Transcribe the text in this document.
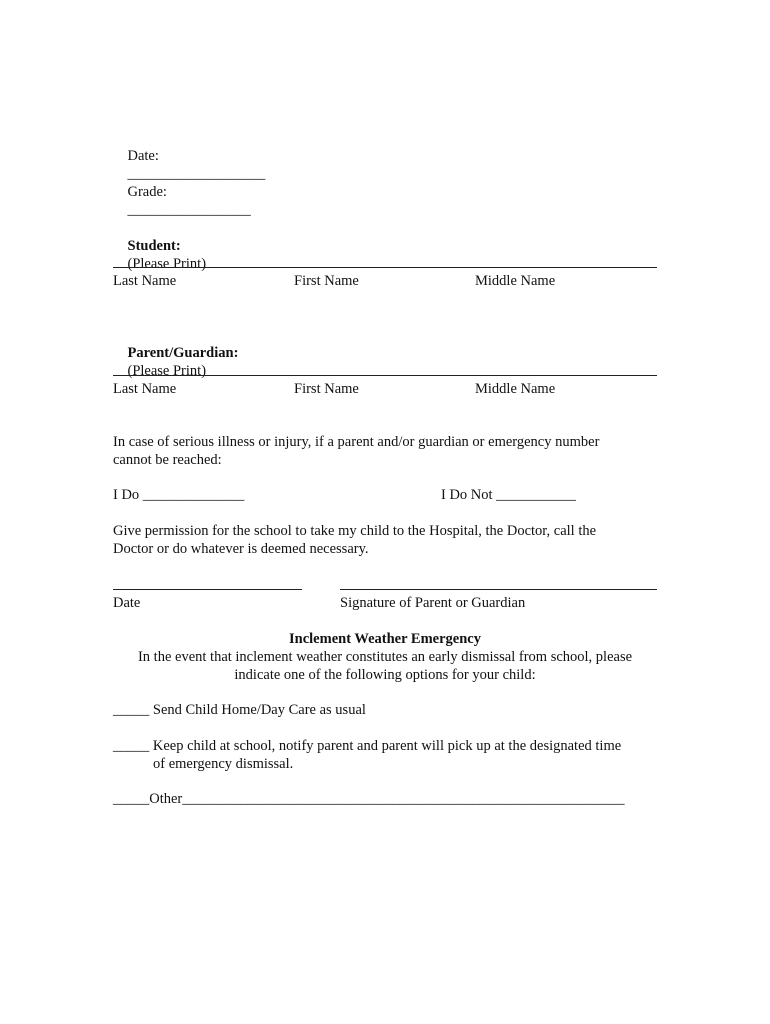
Date:
___________________

Grade:
_________________

Student:
(Please Print)

Last Name	First Name	Middle Name

Parent/Guardian:
(Please Print)

Last Name	First Name	Middle Name
In case of serious illness or injury, if a parent and/or guardian or emergency number
cannot be reached:
I Do ______________	I Do Not ___________
Give permission for the school to take my child to the Hospital, the Doctor, call the
Doctor or do whatever is deemed necessary.
Date	Signature of Parent or Guardian
Inclement Weather Emergency
In the event that inclement weather constitutes an early dismissal from school, please
indicate one of the following options for your child:
_____ Send Child Home/Day Care as usual
_____ Keep child at school, notify parent and parent will pick up at the designated time
of emergency dismissal.
_____Other_____________________________________________________________
